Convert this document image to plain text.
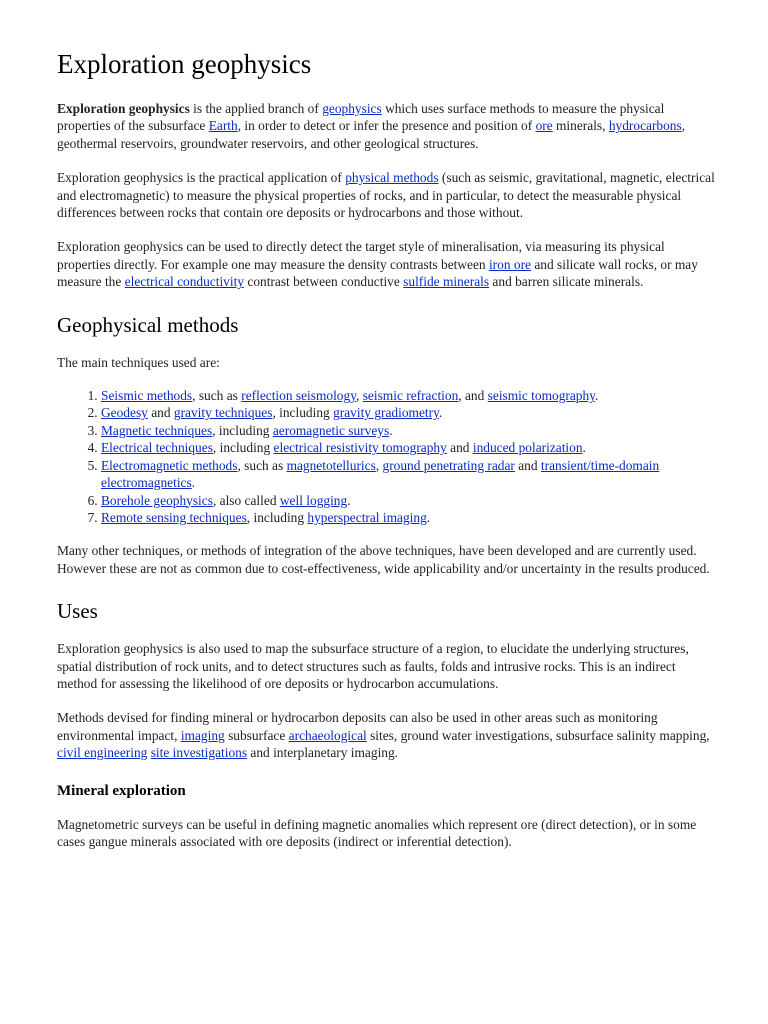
Exploration geophysics

Exploration geophysics is the applied branch of geophysics which uses surface methods to measure the physical properties of the subsurface Earth, in order to detect or infer the presence and position of ore minerals, hydrocarbons, geothermal reservoirs, groundwater reservoirs, and other geological structures.

Exploration geophysics is the practical application of physical methods (such as seismic, gravitational, magnetic, electrical and electromagnetic) to measure the physical properties of rocks, and in particular, to detect the measurable physical differences between rocks that contain ore deposits or hydrocarbons and those without.

Exploration geophysics can be used to directly detect the target style of mineralisation, via measuring its physical properties directly. For example one may measure the density contrasts between iron ore and silicate wall rocks, or may measure the electrical conductivity contrast between conductive sulfide minerals and barren silicate minerals.

Geophysical methods

The main techniques used are:

1. Seismic methods, such as reflection seismology, seismic refraction, and seismic tomography.
2. Geodesy and gravity techniques, including gravity gradiometry.
3. Magnetic techniques, including aeromagnetic surveys.
4. Electrical techniques, including electrical resistivity tomography and induced polarization.
5. Electromagnetic methods, such as magnetotellurics, ground penetrating radar and transient/time-domain electromagnetics.
6. Borehole geophysics, also called well logging.
7. Remote sensing techniques, including hyperspectral imaging.

Many other techniques, or methods of integration of the above techniques, have been developed and are currently used. However these are not as common due to cost-effectiveness, wide applicability and/or uncertainty in the results produced.

Uses

Exploration geophysics is also used to map the subsurface structure of a region, to elucidate the underlying structures, spatial distribution of rock units, and to detect structures such as faults, folds and intrusive rocks. This is an indirect method for assessing the likelihood of ore deposits or hydrocarbon accumulations.

Methods devised for finding mineral or hydrocarbon deposits can also be used in other areas such as monitoring environmental impact, imaging subsurface archaeological sites, ground water investigations, subsurface salinity mapping, civil engineering site investigations and interplanetary imaging.

Mineral exploration

Magnetometric surveys can be useful in defining magnetic anomalies which represent ore (direct detection), or in some cases gangue minerals associated with ore deposits (indirect or inferential detection).
